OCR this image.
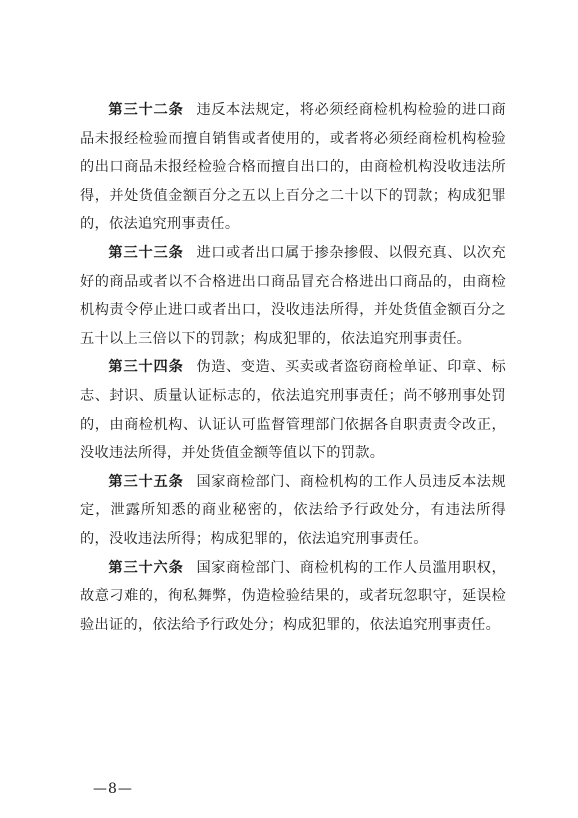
第三十二条 违反本法规定，将必须经商检机构检验的进口商品未报经检验而擅自销售或者使用的，或者将必须经商检机构检验的出口商品未报经检验合格而擅自出口的，由商检机构没收违法所得，并处货值金额百分之五以上百分之二十以下的罚款；构成犯罪的，依法追究刑事责任。

第三十三条 进口或者出口属于掺杂掺假、以假充真、以次充好的商品或者以不合格进出口商品冒充合格进出口商品的，由商检机构责令停止进口或者出口，没收违法所得，并处货值金额百分之五十以上三倍以下的罚款；构成犯罪的，依法追究刑事责任。

第三十四条 伪造、变造、买卖或者盗窃商检单证、印章、标志、封识、质量认证标志的，依法追究刑事责任；尚不够刑事处罚的，由商检机构、认证认可监督管理部门依据各自职责责令改正，没收违法所得，并处货值金额等值以下的罚款。

第三十五条 国家商检部门、商检机构的工作人员违反本法规定，泄露所知悉的商业秘密的，依法给予行政处分，有违法所得的，没收违法所得；构成犯罪的，依法追究刑事责任。

第三十六条 国家商检部门、商检机构的工作人员滥用职权，故意刁难的，徇私舞弊，伪造检验结果的，或者玩忽职守，延误检验出证的，依法给予行政处分；构成犯罪的，依法追究刑事责任。

—8—
